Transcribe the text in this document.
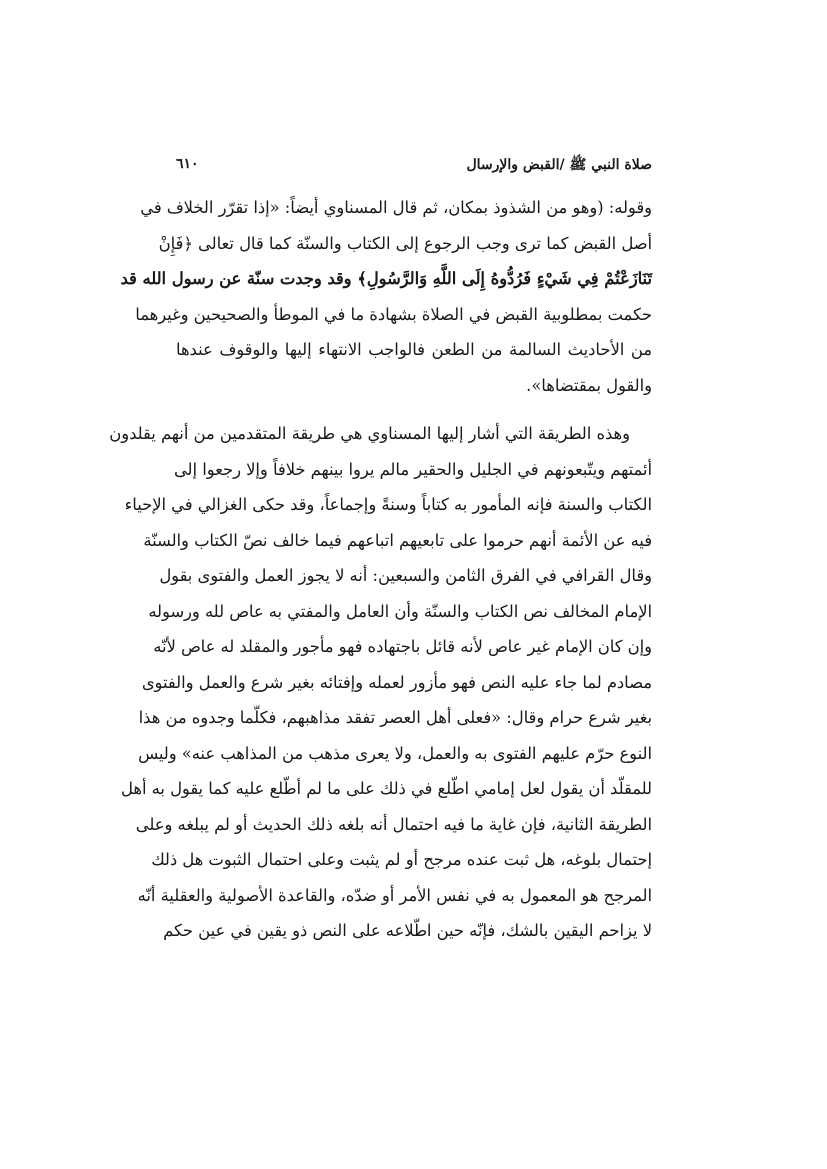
صلاة النبي ﷺ /القبض والإرسال
٦١٠
وقوله: (وهو من الشذوذ بمكان، ثم قال المسناوي أيضاً: «إذا تقرّر الخلاف في
أصل القبض كما ترى وجب الرجوع إلى الكتاب والسنّة كما قال تعالى ﴿فَإِنْ
تَنَازَعْتُمْ فِي شَيْءٍ فَرُدُّوهُ إِلَى اللَّهِ وَالرَّسُولِ﴾ وقد وجدت سنّة عن رسول الله قد
حكمت بمطلوبية القبض في الصلاة بشهادة ما في الموطأ والصحيحين وغيرهما
من الأحاديث السالمة من الطعن فالواجب الانتهاء إليها والوقوف عندها
والقول بمقتضاها».
وهذه الطريقة التي أشار إليها المسناوي هي طريقة المتقدمين من أنهم يقلدون
أئمتهم ويتّبعونهم في الجليل والحقير مالم يروا بينهم خلافاً وإلا رجعوا إلى
الكتاب والسنة فإنه المأمور به كتاباً وسنةً وإجماعاً، وقد حكى الغزالي في الإحياء
فيه عن الأئمة أنهم حرموا على تابعيهم اتباعهم فيما خالف نصّ الكتاب والسنّة
وقال القرافي في الفرق الثامن والسبعين: أنه لا يجوز العمل والفتوى بقول
الإمام المخالف نص الكتاب والسنّة وأن العامل والمفتي به عاص لله ورسوله
وإن كان الإمام غير عاص لأنه قائل باجتهاده فهو مأجور والمقلد له عاص لأنّه
مصادم لما جاء عليه النص فهو مأزور لعمله وإفتائه بغير شرع والعمل والفتوى
بغير شرع حرام وقال: «فعلى أهل العصر تفقد مذاهبهم، فكلّما وجدوه من هذا
النوع حرّم عليهم الفتوى به والعمل، ولا يعرى مذهب من المذاهب عنه» وليس
للمقلّد أن يقول لعل إمامي اطّلع في ذلك على ما لم أطّلع عليه كما يقول به أهل
الطريقة الثانية، فإن غاية ما فيه احتمال أنه بلغه ذلك الحديث أو لم يبلغه وعلى
إحتمال بلوغه، هل ثبت عنده مرجح أو لم يثبت وعلى احتمال الثبوت هل ذلك
المرجح هو المعمول به في نفس الأمر أو ضدّه، والقاعدة الأصولية والعقلية أنّه
لا يزاحم اليقين بالشك، فإنّه حين اطّلاعه على النص ذو يقين في عين حكم
